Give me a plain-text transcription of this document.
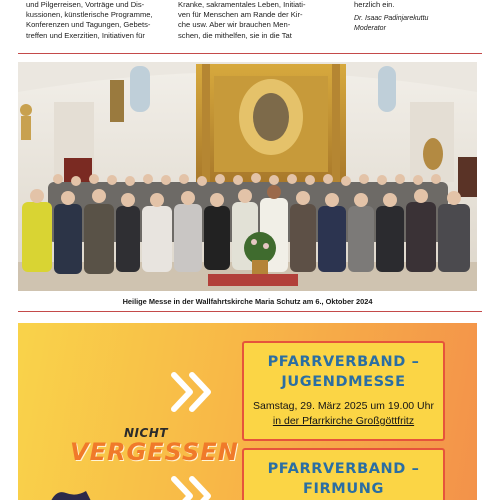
und Pilgerreisen, Vorträge und Dis-
kussionen, künstlerische Programme,
Konferenzen und Tagungen, Gebets-
treffen und Exerzitien, Initiativen für
Kranke, sakramentales Leben, Initiati-
ven für Menschen am Rande der Kir-
che usw. Aber wir brauchen Men-
schen, die mithelfen, sie in die Tat
herzlich ein.
Dr. Isaac Padinjarekuttu
Moderator
Heilige Messe in der Wallfahrtskirche Maria Schutz am 6., Oktober 2024
NICHT
VERGESSEN
PFARRVERBAND –
JUGENDMESSE
Samstag, 29. März 2025 um 19.00 Uhr
in der Pfarrkirche Großgöttfritz
PFARRVERBAND –
FIRMUNG
